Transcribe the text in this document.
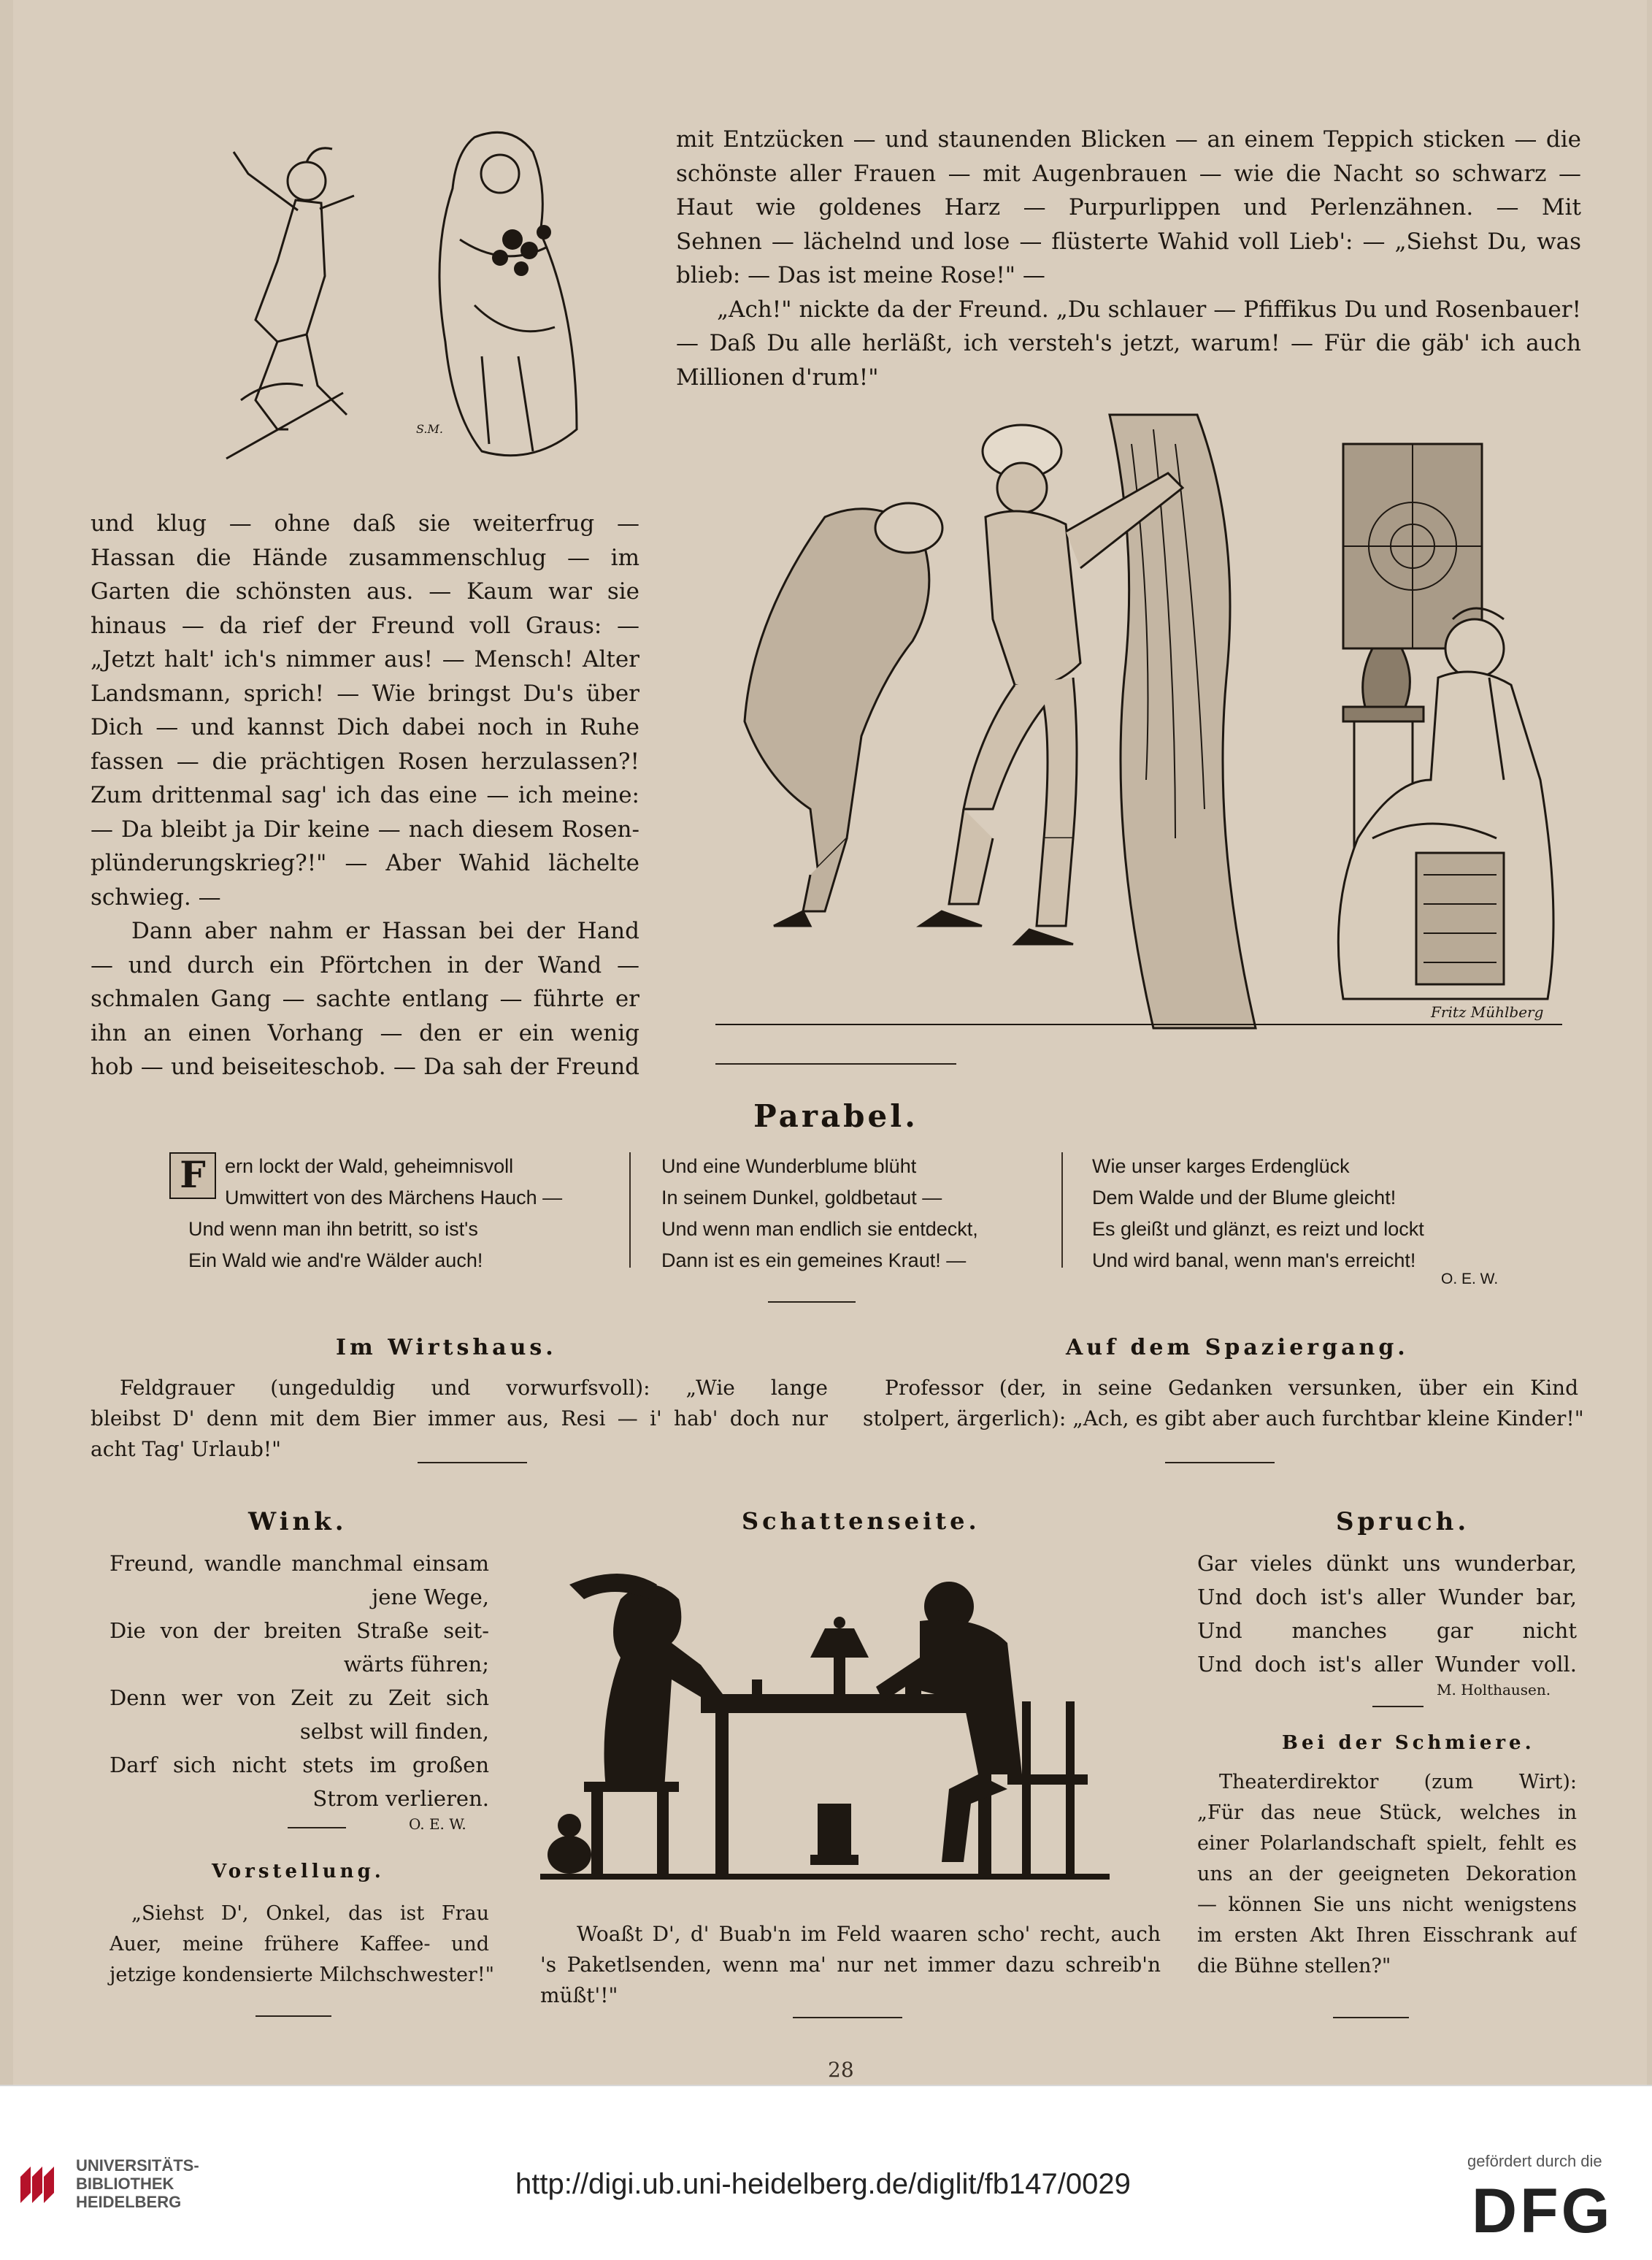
S.M.
mit Entzücken — und staunenden Blicken — an einem Teppich sticken — die
schönste aller Frauen — mit Augenbrauen — wie die Nacht so schwarz —
Haut wie goldenes Harz — Purpurlippen und Perlenzähnen. — Mit
Sehnen — lächelnd und lose — flüsterte Wahid voll Lieb': — „Siehst Du, was
blieb: — Das ist meine Rose!" —
„Ach!" nickte da der Freund. „Du schlauer — Pfiffikus Du und Rosenbauer!
— Daß Du alle herläßt, ich versteh's jetzt, warum! — Für die gäb' ich auch
Millionen d'rum!"
Fritz Mühlberg
und klug — ohne daß sie weiterfrug —
Hassan die Hände zusammenschlug — im
Garten die schönsten aus. — Kaum war sie
hinaus — da rief der Freund voll Graus: —
„Jetzt halt' ich's nimmer aus! — Mensch! Alter
Landsmann, sprich! — Wie bringst Du's über
Dich — und kannst Dich dabei noch in Ruhe
fassen — die prächtigen Rosen herzulassen?!
Zum drittenmal sag' ich das eine — ich meine:
— Da bleibt ja Dir keine — nach diesem Rosen-
plünderungskrieg?!" — Aber Wahid lächelte
schwieg. —
Dann aber nahm er Hassan bei der Hand
— und durch ein Pförtchen in der Wand —
schmalen Gang — sachte entlang — führte er
ihn an einen Vorhang — den er ein wenig
hob — und beiseiteschob. — Da sah der Freund
Parabel.
F ern lockt der Wald, geheimnisvoll
Umwittert von des Märchens Hauch —
Und wenn man ihn betritt, so ist's
Ein Wald wie and're Wälder auch!
Und eine Wunderblume blüht
In seinem Dunkel, goldbetaut —
Und wenn man endlich sie entdeckt,
Dann ist es ein gemeines Kraut! —
Wie unser karges Erdenglück
Dem Walde und der Blume gleicht!
Es gleißt und glänzt, es reizt und lockt
Und wird banal, wenn man's erreicht!
O. E. W.
Im Wirtshaus.
Feldgrauer (ungeduldig und vorwurfsvoll): „Wie lange
bleibst D' denn mit dem Bier immer aus, Resi — i' hab' doch nur
acht Tag' Urlaub!"
Auf dem Spaziergang.
Professor (der, in seine Gedanken versunken, über ein Kind
stolpert, ärgerlich): „Ach, es gibt aber auch furchtbar kleine Kinder!"
Wink.
Freund, wandle manchmal einsam
jene Wege,
Die von der breiten Straße seit-
wärts führen;
Denn wer von Zeit zu Zeit sich
selbst will finden,
Darf sich nicht stets im großen
Strom verlieren.
O. E. W.
Vorstellung.
„Siehst D', Onkel, das ist Frau
Auer, meine frühere Kaffee- und
jetzige kondensierte Milchschwester!"
Schattenseite.
Woaßt D', d' Buab'n im Feld waaren scho' recht, auch
's Paketlsenden, wenn ma' nur net immer dazu schreib'n
müßt'!"
Spruch.
Gar vieles dünkt uns wunderbar,
Und doch ist's aller Wunder bar,
Und manches gar nicht
Und doch ist's aller Wunder voll.
M. Holthausen.
Bei der Schmiere.
Theaterdirektor (zum Wirt):
„Für das neue Stück, welches in
einer Polarlandschaft spielt, fehlt es
uns an der geeigneten Dekoration
— können Sie uns nicht wenigstens
im ersten Akt Ihren Eisschrank auf
die Bühne stellen?"
28
UNIVERSITÄTS-
BIBLIOTHEK
HEIDELBERG
http://digi.ub.uni-heidelberg.de/diglit/fb147/0029
gefördert durch die
DFG
